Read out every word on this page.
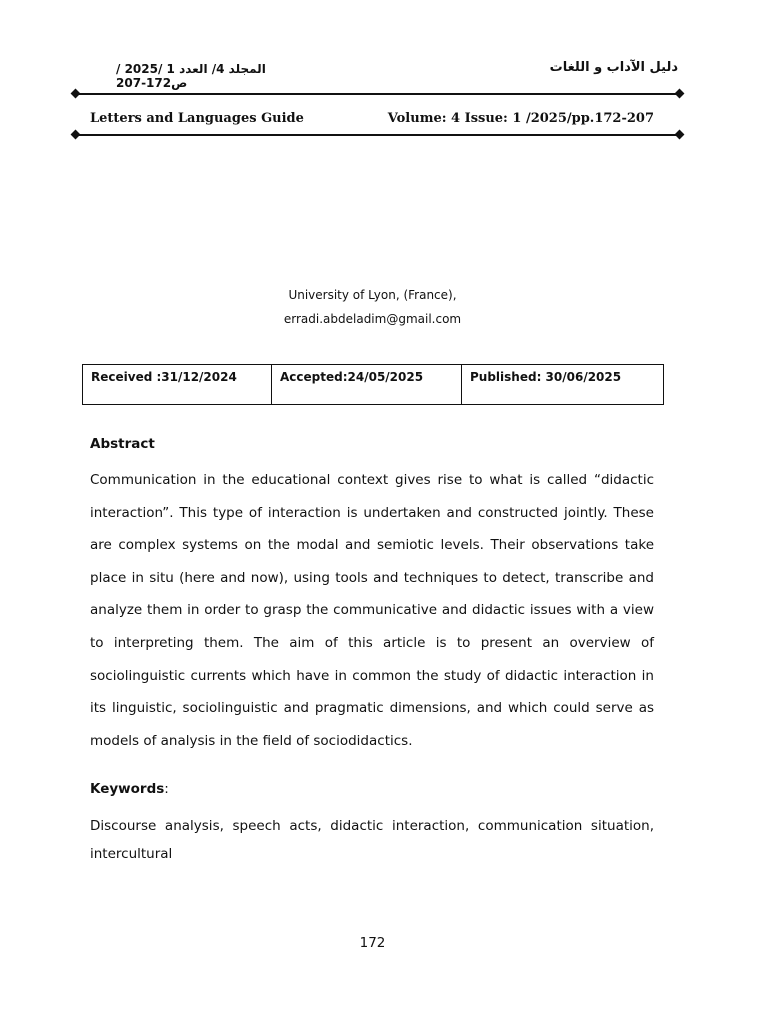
المجلد 4/ العدد 1 /2025 / ص172-207
دليل الآداب و اللغات
Letters and Languages Guide	Volume: 4 Issue: 1 /2025/pp.172-207
University of Lyon, (France),
erradi.abdeladim@gmail.com
Received :31/12/2024	Accepted:24/05/2025	Published: 30/06/2025
Abstract
Communication in the educational context gives rise to what is called “didactic interaction”. This type of interaction is undertaken and constructed jointly. These are complex systems on the modal and semiotic levels. Their observations take place in situ (here and now), using tools and techniques to detect, transcribe and analyze them in order to grasp the communicative and didactic issues with a view to interpreting them. The aim of this article is to present an overview of sociolinguistic currents which have in common the study of didactic interaction in its linguistic, sociolinguistic and pragmatic dimensions, and which could serve as models of analysis in the field of sociodidactics.
Keywords:
Discourse analysis, speech acts, didactic interaction, communication situation, intercultural
172
